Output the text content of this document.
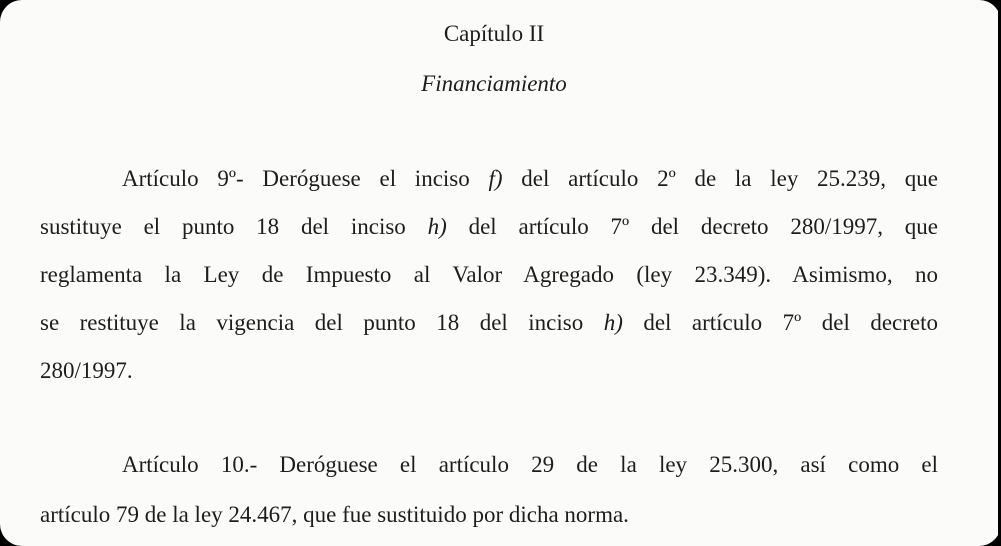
Capítulo II
Financiamiento
Artículo 9º- Deróguese el inciso f) del artículo 2º de la ley 25.239, que
sustituye el punto 18 del inciso h) del artículo 7º del decreto 280/1997, que
reglamenta la Ley de Impuesto al Valor Agregado (ley 23.349). Asimismo, no
se restituye la vigencia del punto 18 del inciso h) del artículo 7º del decreto
280/1997.
Artículo 10.- Deróguese el artículo 29 de la ley 25.300, así como el
artículo 79 de la ley 24.467, que fue sustituido por dicha norma.
